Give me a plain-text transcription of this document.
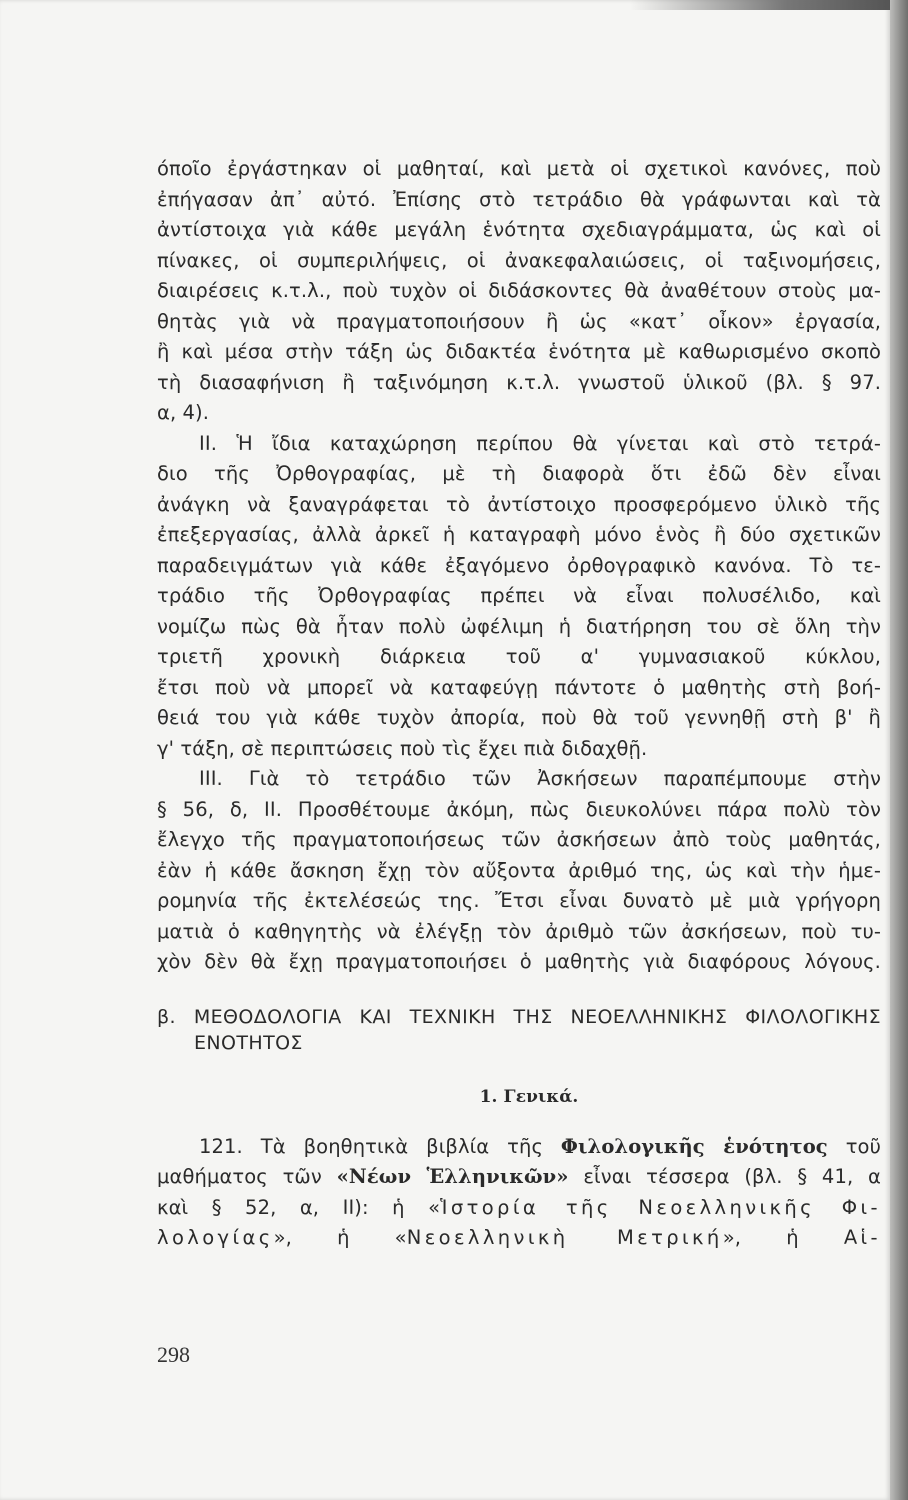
όποῖο ἐργάστηκαν οἱ μαθηταί, καὶ μετὰ οἱ σχετικοὶ κανόνες, ποὺ
ἐπήγασαν ἀπ᾽ αὐτό. Ἐπίσης στὸ τετράδιο θὰ γράφωνται καὶ τὰ
ἀντίστοιχα γιὰ κάθε μεγάλη ἑνότητα σχεδιαγράμματα, ὡς καὶ οἱ
πίνακες, οἱ συμπεριλήψεις, οἱ ἀνακεφαλαιώσεις, οἱ ταξινομήσεις,
διαιρέσεις κ.τ.λ., ποὺ τυχὸν οἱ διδάσκοντες θὰ ἀναθέτουν στοὺς μα-
θητὰς γιὰ νὰ πραγματοποιήσουν ἢ ὡς «κατ᾽ οἶκον» ἐργασία,
ἢ καὶ μέσα στὴν τάξη ὡς διδακτέα ἑνότητα μὲ καθωρισμένο σκοπὸ
τὴ διασαφήνιση ἢ ταξινόμηση κ.τ.λ. γνωστοῦ ὑλικοῦ (βλ. § 97.
α, 4).
ΙΙ. Ἡ ἴδια καταχώρηση περίπου θὰ γίνεται καὶ στὸ τετρά-
διο τῆς Ὀρθογραφίας, μὲ τὴ διαφορὰ ὅτι ἐδῶ δὲν εἶναι
ἀνάγκη νὰ ξαναγράφεται τὸ ἀντίστοιχο προσφερόμενο ὑλικὸ τῆς
ἐπεξεργασίας, ἀλλὰ ἀρκεῖ ἡ καταγραφὴ μόνο ἑνὸς ἢ δύο σχετικῶν
παραδειγμάτων γιὰ κάθε ἐξαγόμενο ὀρθογραφικὸ κανόνα. Τὸ τε-
τράδιο τῆς Ὀρθογραφίας πρέπει νὰ εἶναι πολυσέλιδο, καὶ
νομίζω πὼς θὰ ἦταν πολὺ ὠφέλιμη ἡ διατήρηση του σὲ ὅλη τὴν
τριετῆ χρονικὴ διάρκεια τοῦ α' γυμνασιακοῦ κύκλου,
ἔτσι ποὺ νὰ μπορεῖ νὰ καταφεύγῃ πάντοτε ὁ μαθητὴς στὴ βοή-
θειά του γιὰ κάθε τυχὸν ἀπορία, ποὺ θὰ τοῦ γεννηθῇ στὴ β' ἢ
γ' τάξη, σὲ περιπτώσεις ποὺ τὶς ἔχει πιὰ διδαχθῇ.
ΙΙΙ. Γιὰ τὸ τετράδιο τῶν Ἀσκήσεων παραπέμπουμε στὴν
§ 56, δ, ΙΙ. Προσθέτουμε ἀκόμη, πὼς διευκολύνει πάρα πολὺ τὸν
ἔλεγχο τῆς πραγματοποιήσεως τῶν ἀσκήσεων ἀπὸ τοὺς μαθητάς,
ἐὰν ἡ κάθε ἄσκηση ἔχῃ τὸν αὔξοντα ἀριθμό της, ὡς καὶ τὴν ἡμε-
ρομηνία τῆς ἐκτελέσεώς της. Ἔτσι εἶναι δυνατὸ μὲ μιὰ γρήγορη
ματιὰ ὁ καθηγητὴς νὰ ἐλέγξῃ τὸν ἀριθμὸ τῶν ἀσκήσεων, ποὺ τυ-
χὸν δὲν θὰ ἔχῃ πραγματοποιήσει ὁ μαθητὴς γιὰ διαφόρους λόγους.
β. ΜΕΘΟΔΟΛΟΓΙΑ ΚΑΙ ΤΕΧΝΙΚΗ ΤΗΣ ΝΕΟΕΛΛΗΝΙΚΗΣ ΦΙΛΟΛΟΓΙΚΗΣ
ΕΝΟΤΗΤΟΣ
1. Γενικά.
121. Τὰ βοηθητικὰ βιβλία τῆς Φιλολογικῆς ἑνότητος τοῦ
μαθήματος τῶν «Νέων Ἑλληνικῶν» εἶναι τέσσερα (βλ. § 41, α
καὶ § 52, α, ΙΙ): ἡ «Ἱστορία τῆς Νεοελληνικῆς Φι-
λολογίας», ἡ «Νεοελληνικὴ Μετρική», ἡ Αἱ-
298
